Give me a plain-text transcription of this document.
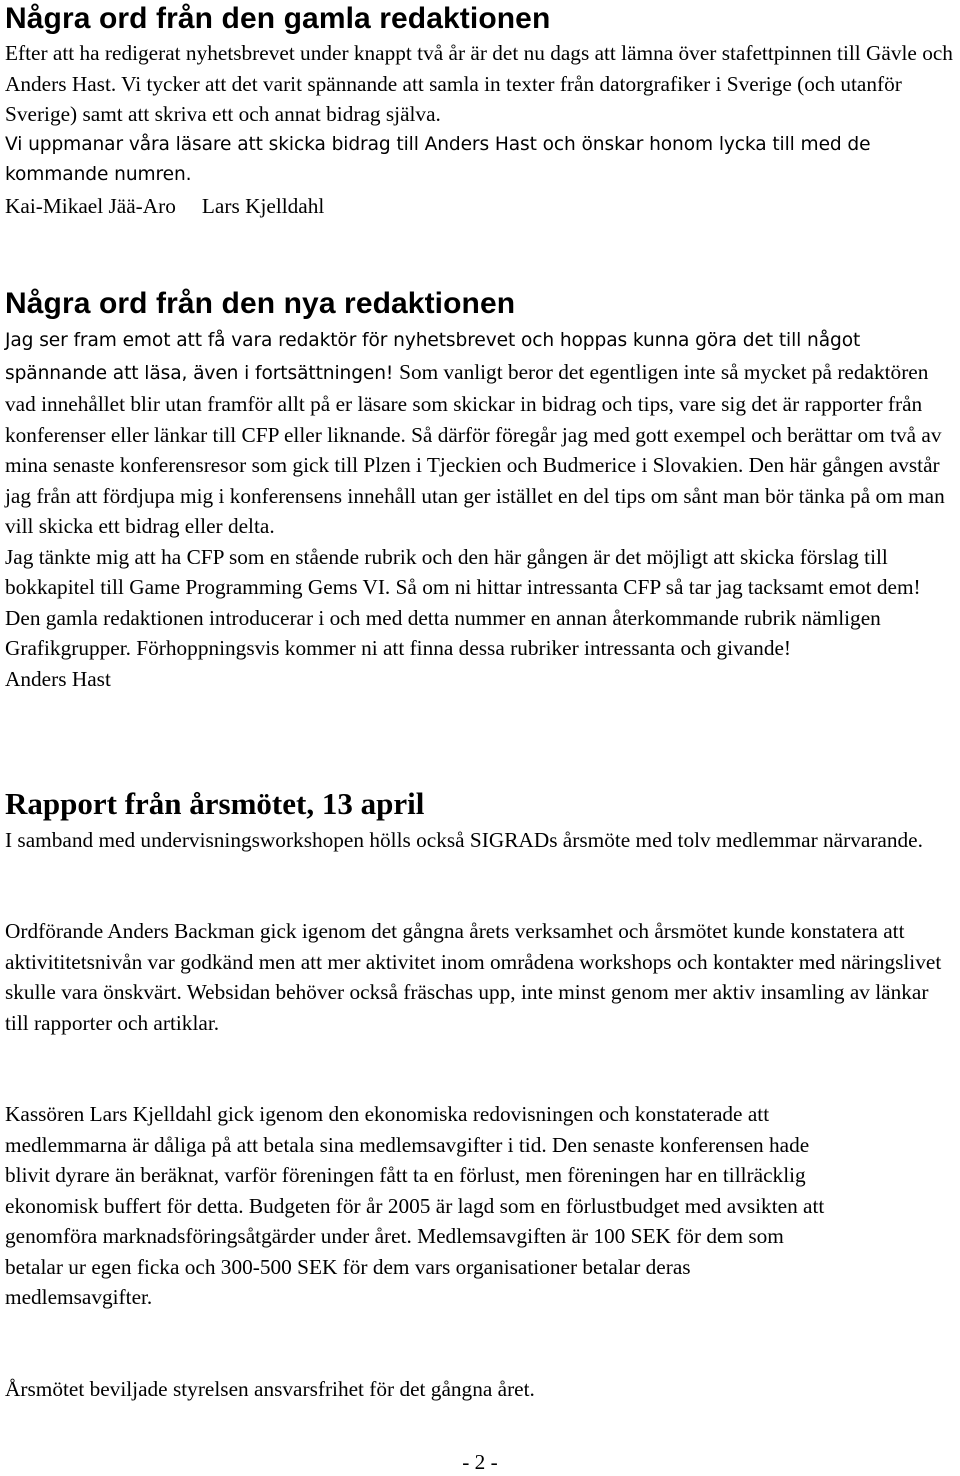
Några ord från den gamla redaktionen

Efter att ha redigerat nyhetsbrevet under knappt två år är det nu dags att lämna över stafettpinnen till Gävle och Anders Hast. Vi tycker att det varit spännande att samla in texter från datorgrafiker i Sverige (och utanför Sverige) samt att skriva ett och annat bidrag själva.

Vi uppmanar våra läsare att skicka bidrag till Anders Hast och önskar honom lycka till med de kommande numren.

Kai-Mikael Jää-Aro Lars Kjelldahl
Några ord från den nya redaktionen

Jag ser fram emot att få vara redaktör för nyhetsbrevet och hoppas kunna göra det till något spännande att läsa, även i fortsättningen!

Som vanligt beror det egentligen inte så mycket på redaktören vad innehållet blir utan framför allt på er läsare som skickar in bidrag och tips, vare sig det är rapporter från konferenser eller länkar till CFP eller liknande. Så därför föregår jag med gott exempel och berättar om två av mina senaste konferensresor som gick till Plzen i Tjeckien och Budmerice i Slovakien. Den här gången avstår jag från att fördjupa mig i konferensens innehåll utan ger istället en del tips om sånt man bör tänka på om man vill skicka ett bidrag eller delta.

Jag tänkte mig att ha CFP som en stående rubrik och den här gången är det möjligt att skicka förslag till bokkapitel till Game Programming Gems VI. Så om ni hittar intressanta CFP så tar jag tacksamt emot dem! Den gamla redaktionen introducerar i och med detta nummer en annan återkommande rubrik nämligen Grafikgrupper. Förhoppningsvis kommer ni att finna dessa rubriker intressanta och givande!

Anders Hast

Rapport från årsmötet, 13 april

I samband med undervisningsworkshopen hölls också SIGRADs årsmöte med tolv medlemmar närvarande.

Ordförande Anders Backman gick igenom det gångna årets verksamhet och årsmötet kunde konstatera att aktivititetsnivån var godkänd men att mer aktivitet inom områdena workshops och kontakter med näringslivet skulle vara önskvärt. Websidan behöver också fräschas upp, inte minst genom mer aktiv insamling av länkar till rapporter och artiklar.

Kassören Lars Kjelldahl gick igenom den ekonomiska redovisningen och konstaterade att medlemmarna är dåliga på att betala sina medlemsavgifter i tid. Den senaste konferensen hade blivit dyrare än beräknat, varför föreningen fått ta en förlust, men föreningen har en tillräcklig ekonomisk buffert för detta. Budgeten för år 2005 är lagd som en förlustbudget med avsikten att genomföra marknadsföringsåtgärder under året. Medlemsavgiften är 100 SEK för dem som betalar ur egen ficka och 300-500 SEK för dem vars organisationer betalar deras medlemsavgifter.

Årsmötet beviljade styrelsen ansvarsfrihet för det gångna året.

- 2 -
